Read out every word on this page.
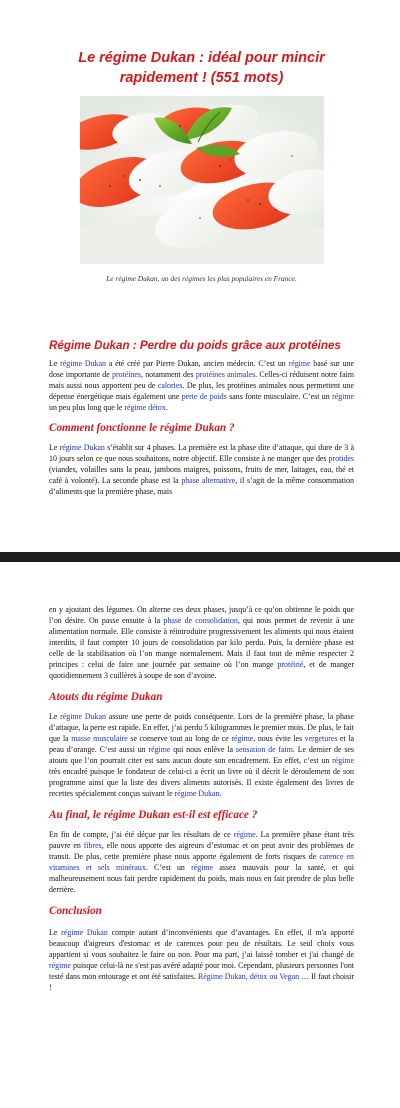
Le régime Dukan : idéal pour mincir rapidement ! (551 mots)
Le régime Dukan, un des régimes les plus populaires en France.
Régime Dukan : Perdre du poids grâce aux protéines

Le régime Dukan a été créé par Pierre Dukan, ancien médecin. C’est un régime basé sur une dose importante de protéines, notamment des protéines animales. Celles-ci réduisent notre faim mais aussi nous apportent peu de calories. De plus, les protéines animales nous permettent une dépense énergétique mais également une perte de poids sans fonte musculaire. C’est un régime un peu plus long que le régime détox.

Comment fonctionne le régime Dukan ?

Le régime Dukan s’établit sur 4 phases. La première est la phase dite d’attaque, qui dure de 3 à 10 jours selon ce que nous souhaitons, notre objectif. Elle consiste à ne manger que des protides (viandes, volailles sans la peau, jambons maigres, poissons, fruits de mer, laitages, eau, thé et café à volonté). La seconde phase est la phase alternative, il s’agit de la même consommation d’aliments que la première phase, mais

en y ajoutant des légumes. On alterne ces deux phases, jusqu’à ce qu’on obtienne le poids que l’on désire. On passe ensuite à la phase de consolidation, qui nous permet de revenir à une alimentation normale. Elle consiste à réintroduire progressivement les aliments qui nous étaient interdits, il faut compter 10 jours de consolidation par kilo perdu. Puis, la dernière phase est celle de la stabilisation où l’on mange normalement. Mais il faut tout de même respecter 2 principes : celui de faire une journée par semaine où l’on mange protéiné, et de manger quotidiennement 3 cuillères à soupe de son d’avoine.

Atouts du régime Dukan

Le régime Dukan assure une perte de poids conséquente. Lors de la première phase, la phase d’attaque, la perte est rapide. En effet, j’ai perdu 5 kilogrammes le premier mois. De plus, le fait que la masse musculaire se conserve tout au long de ce régime, nous évite les vergetures et la peau d’orange. C’est aussi un régime qui nous enlève la sensation de faim. Le dernier de ses atouts que l’on pourrait citer est sans aucun doute son encadrement. En effet, c’est un régime très encadré puisque le fondateur de celui-ci a écrit un livre où il décrit le déroulement de son programme ainsi que la liste des divers aliments autorisés. Il existe également des livres de recettes spécialement conçus suivant le régime Dukan.

Au final, le régime Dukan est-il est efficace ?

En fin de compte, j’ai été déçue par les résultats de ce régime. La première phase étant très pauvre en fibres, elle nous apporte des aigreurs d’estomac et on peut avoir des problèmes de transit. De plus, cette première phase nous apporte également de forts risques de carence en vitamines et sels minéraux. C’est un régime assez mauvais pour la santé, et qui malheureusement nous fait perdre rapidement du poids, mais nous en fait prendre de plus belle derrière.

Conclusion

Le régime Dukan compte autant d’inconvénients que d’avantages. En effet, il m'a apporté beaucoup d'aigreurs d'estomac et de carences pour peu de résultats. Le seul choix vous appartient si vous souhaitez le faire ou non. Pour ma part, j’ai laissé tomber et j'ai changé de régime puisque celui-là ne s'est pas avéré adapté pour moi. Cependant, plusieurs personnes l'ont testé dans mon entourage et ont été satisfaites. Régime Dukan, détox ou Vegan … Il faut choisir !
